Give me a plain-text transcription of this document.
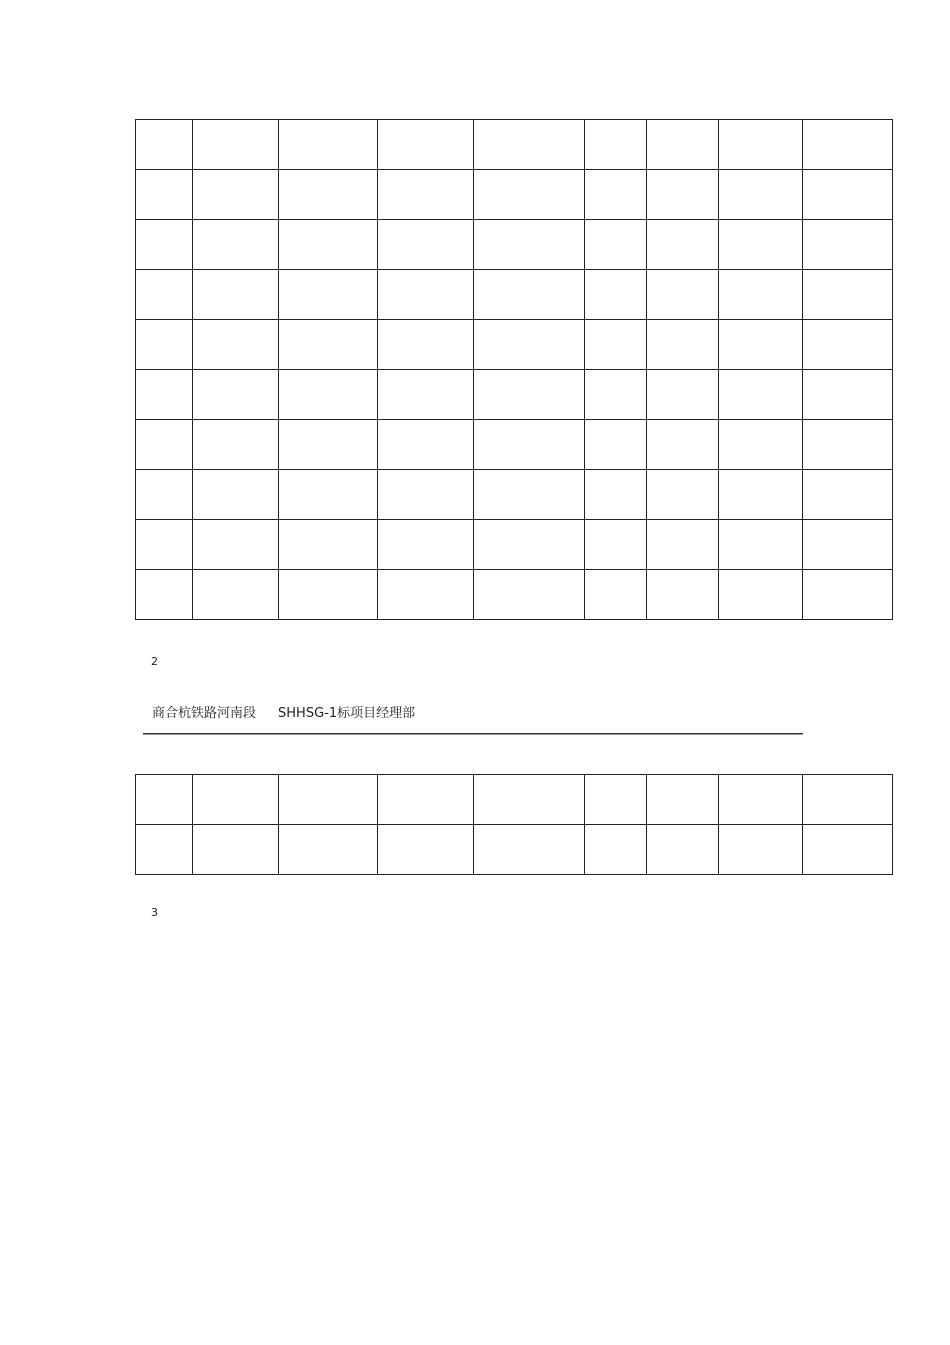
2
商合杭铁路河南段 SHHSG-1标项目经理部

3
